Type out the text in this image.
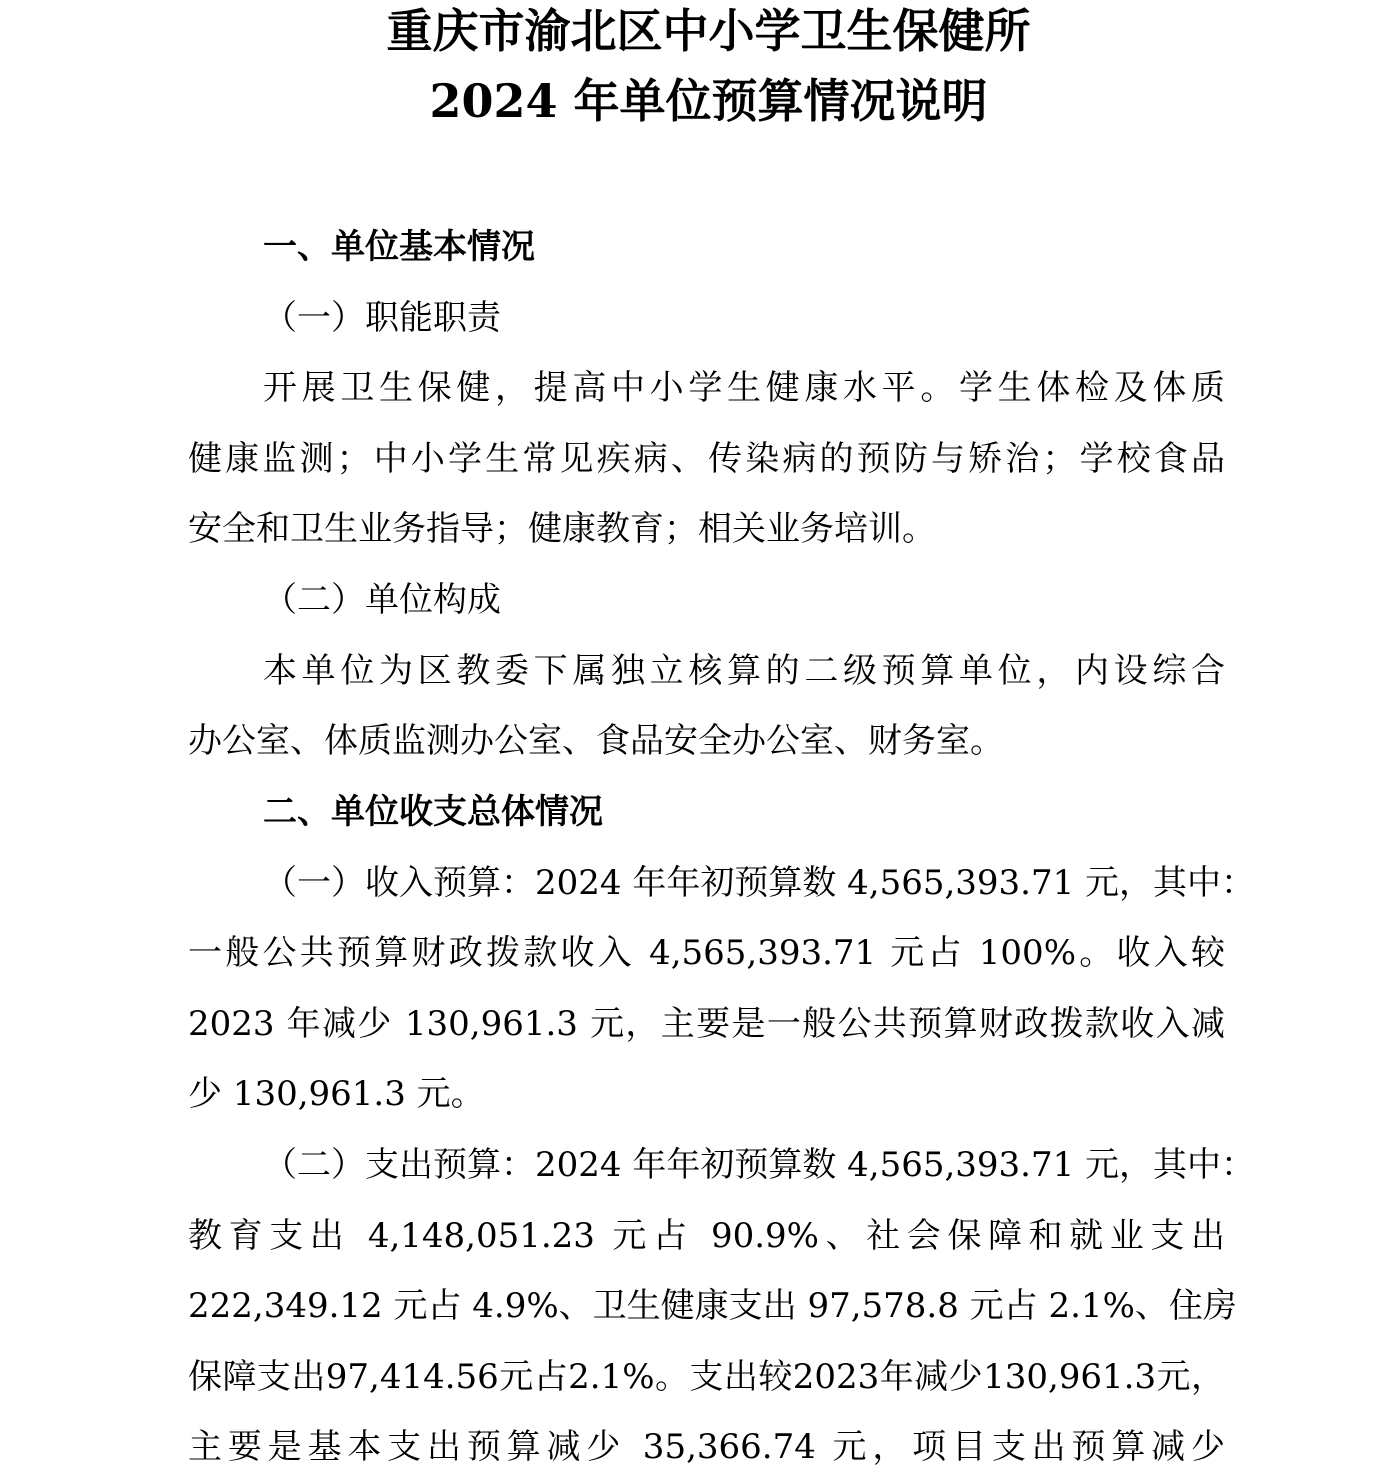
重庆市渝北区中小学卫生保健所
2024 年单位预算情况说明
一、单位基本情况
（一）职能职责
开展卫生保健，提高中小学生健康水平。学生体检及体质
健康监测；中小学生常见疾病、传染病的预防与矫治；学校食品
安全和卫生业务指导；健康教育；相关业务培训。
（二）单位构成
本单位为区教委下属独立核算的二级预算单位，内设综合
办公室、体质监测办公室、食品安全办公室、财务室。
二、单位收支总体情况
（一）收入预算：2024 年年初预算数 4,565,393.71 元，其中：
一般公共预算财政拨款收入 4,565,393.71 元占 100%。收入较
2023 年减少 130,961.3 元，主要是一般公共预算财政拨款收入减
少 130,961.3 元。
（二）支出预算：2024 年年初预算数 4,565,393.71 元，其中：
教育支出 4,148,051.23 元占 90.9%、社会保障和就业支出
222,349.12 元占 4.9%、卫生健康支出 97,578.8 元占 2.1%、住房
保障支出97,414.56元占2.1%。支出较2023年减少130,961.3元，
主要是基本支出预算减少 35,366.74 元，项目支出预算减少
